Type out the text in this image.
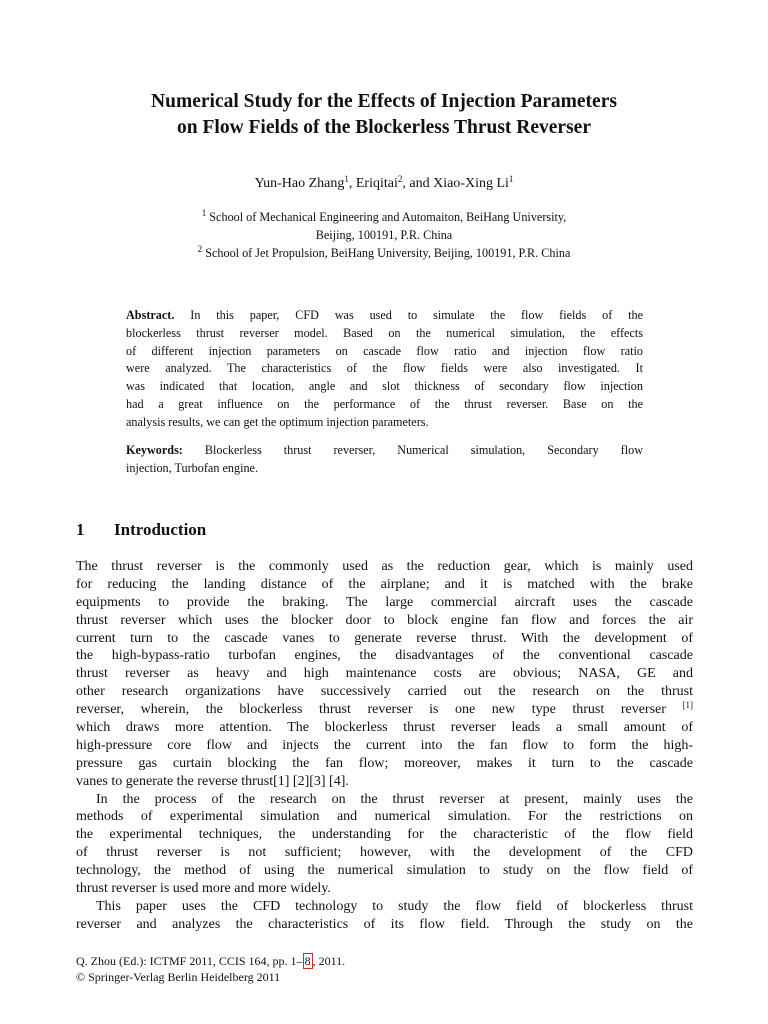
Numerical Study for the Effects of Injection Parameters
on Flow Fields of the Blockerless Thrust Reverser
Yun-Hao Zhang$^1$, Eriqitai$^2$, and Xiao-Xing Li$^1$
$^1$ School of Mechanical Engineering and Automaiton, BeiHang University,
Beijing, 100191, P.R. China
$^2$ School of Jet Propulsion, BeiHang University, Beijing, 100191, P.R. China
Abstract. In this paper, CFD was used to simulate the flow fields of the
blockerless thrust reverser model. Based on the numerical simulation, the effects
of different injection parameters on cascade flow ratio and injection flow ratio
were analyzed. The characteristics of the flow fields were also investigated. It
was indicated that location, angle and slot thickness of secondary flow injection
had a great influence on the performance of the thrust reverser. Base on the
analysis results, we can get the optimum injection parameters.
Keywords: Blockerless thrust reverser, Numerical simulation, Secondary flow
injection, Turbofan engine.
1 Introduction
The thrust reverser is the commonly used as the reduction gear, which is mainly used
for reducing the landing distance of the airplane; and it is matched with the brake
equipments to provide the braking. The large commercial aircraft uses the cascade
thrust reverser which uses the blocker door to block engine fan flow and forces the air
current turn to the cascade vanes to generate reverse thrust. With the development of
the high-bypass-ratio turbofan engines, the disadvantages of the conventional cascade
thrust reverser as heavy and high maintenance costs are obvious; NASA, GE and
other research organizations have successively carried out the research on the thrust
reverser, wherein, the blockerless thrust reverser is one new type thrust reverser [1]
which draws more attention. The blockerless thrust reverser leads a small amount of
high-pressure core flow and injects the current into the fan flow to form the high-
pressure gas curtain blocking the fan flow; moreover, makes it turn to the cascade
vanes to generate the reverse thrust[1] [2][3] [4].
In the process of the research on the thrust reverser at present, mainly uses the
methods of experimental simulation and numerical simulation. For the restrictions on
the experimental techniques, the understanding for the characteristic of the flow field
of thrust reverser is not sufficient; however, with the development of the CFD
technology, the method of using the numerical simulation to study on the flow field of
thrust reverser is used more and more widely.
This paper uses the CFD technology to study the flow field of blockerless thrust
reverser and analyzes the characteristics of its flow field. Through the study on the
Q. Zhou (Ed.): ICTMF 2011, CCIS 164, pp. 1– 8 , 2011.
© Springer-Verlag Berlin Heidelberg 2011
